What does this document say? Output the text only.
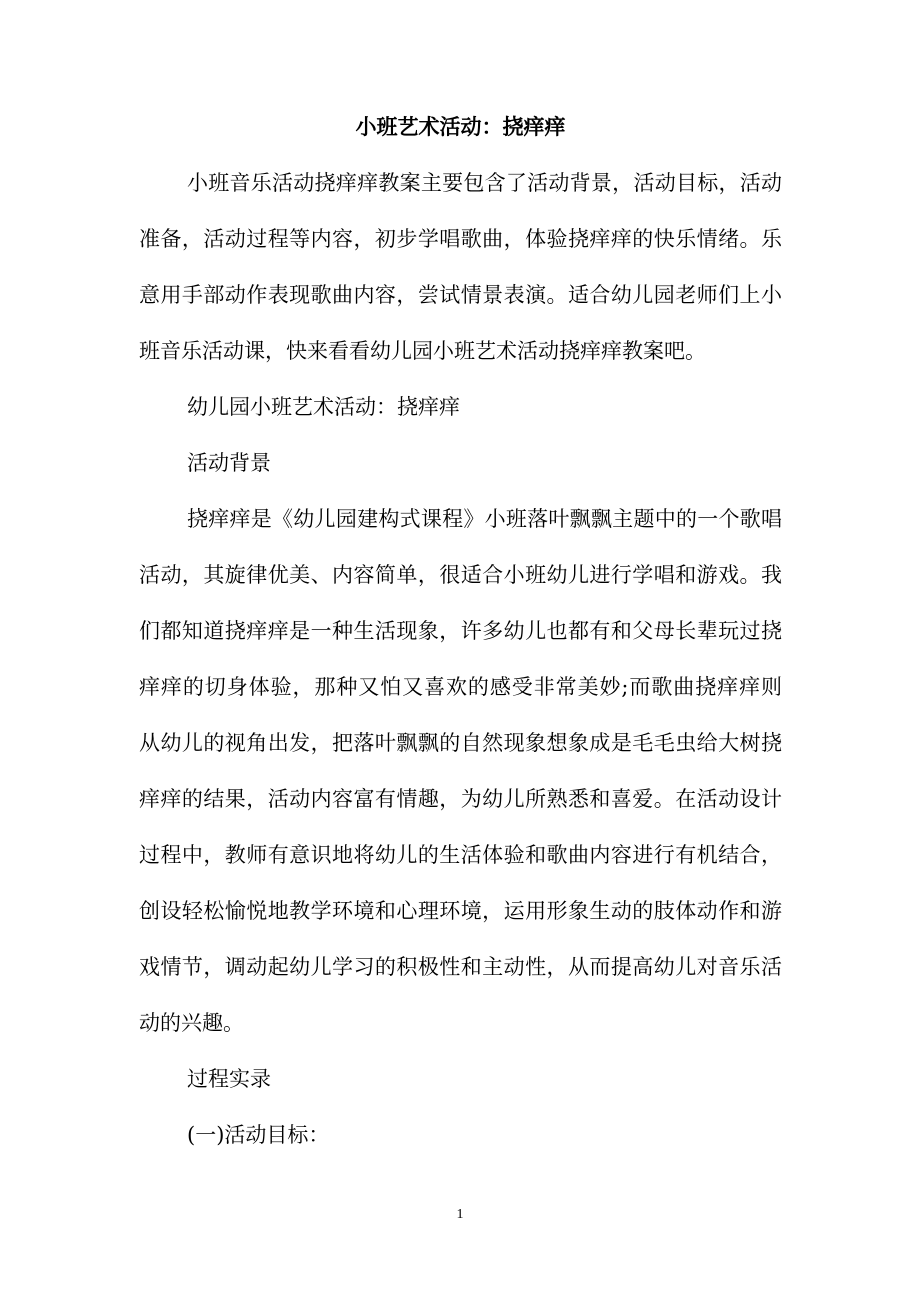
小班艺术活动：挠痒痒
小班音乐活动挠痒痒教案主要包含了活动背景，活动目标，活动
准备，活动过程等内容，初步学唱歌曲，体验挠痒痒的快乐情绪。乐
意用手部动作表现歌曲内容，尝试情景表演。适合幼儿园老师们上小
班音乐活动课，快来看看幼儿园小班艺术活动挠痒痒教案吧。
幼儿园小班艺术活动：挠痒痒
活动背景
挠痒痒是《幼儿园建构式课程》小班落叶飘飘主题中的一个歌唱
活动，其旋律优美、内容简单，很适合小班幼儿进行学唱和游戏。我
们都知道挠痒痒是一种生活现象，许多幼儿也都有和父母长辈玩过挠
痒痒的切身体验，那种又怕又喜欢的感受非常美妙;而歌曲挠痒痒则
从幼儿的视角出发，把落叶飘飘的自然现象想象成是毛毛虫给大树挠
痒痒的结果，活动内容富有情趣，为幼儿所熟悉和喜爱。在活动设计
过程中，教师有意识地将幼儿的生活体验和歌曲内容进行有机结合，
创设轻松愉悦地教学环境和心理环境，运用形象生动的肢体动作和游
戏情节，调动起幼儿学习的积极性和主动性，从而提高幼儿对音乐活
动的兴趣。
过程实录
(一)活动目标：
1
